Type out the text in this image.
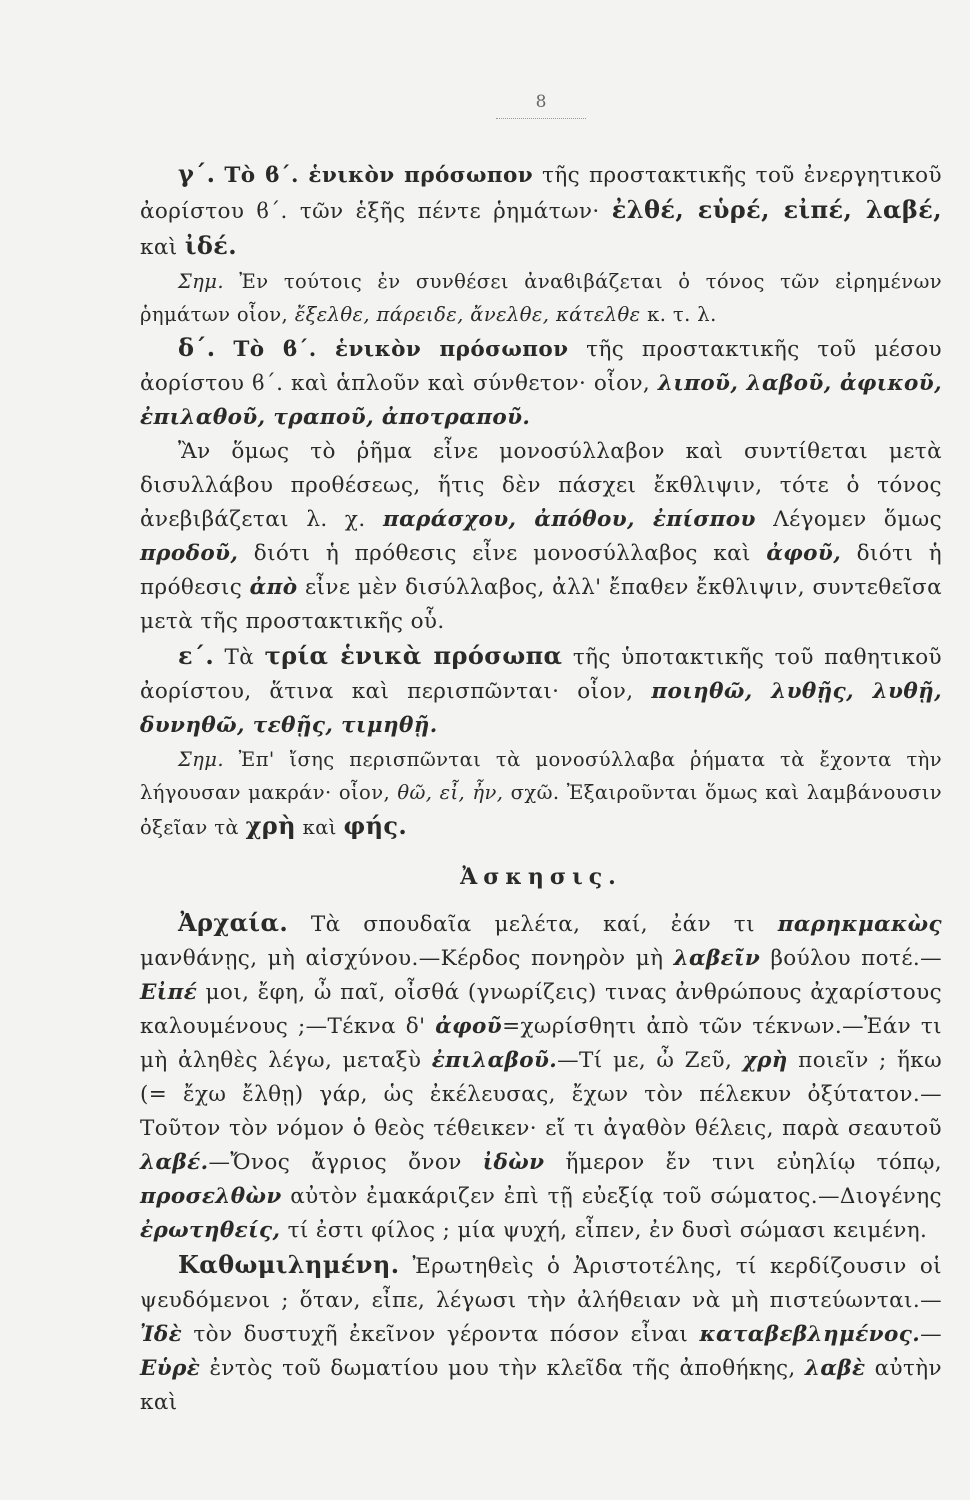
8

γ΄. Τὸ ϐ΄. ἑνικὸν πρόσωπον τῆς προστακτικῆς τοῦ ἐνεργητικοῦ ἀορίστου ϐ΄. τῶν ἑξῆς πέντε ῥημάτων· ἐλθέ, εὑρέ, εἰπέ, λαβέ, καὶ ἰδέ.

Σημ. Ἐν τούτοις ἐν συνθέσει ἀναϐιβάζεται ὁ τόνος τῶν εἰρημένων ῥημάτων οἷον, ἔξελθε, πάρειδε, ἄνελθε, κάτελθε κ. τ. λ.

δ΄. Τὸ ϐ΄. ἑνικὸν πρόσωπον τῆς προστακτικῆς τοῦ μέσου ἀορίστου ϐ΄. καὶ ἁπλοῦν καὶ σύνθετον· οἷον, λιποῦ, λαβοῦ, ἀφικοῦ, ἐπιλαθοῦ, τραποῦ, ἀποτραποῦ.

Ἂν ὅμως τὸ ῥῆμα εἶνε μονοσύλλαβον καὶ συντίθεται μετὰ δισυλλάβου προθέσεως, ἥτις δὲν πάσχει ἔκθλιψιν, τότε ὁ τόνος ἀνεβιβάζεται λ. χ. παράσχου, ἀπόθου, ἐπίσπου Λέγομεν ὅμως προδοῦ, διότι ἡ πρόθεσις εἶνε μονοσύλλαβος καὶ ἀφοῦ, διότι ἡ πρόθεσις ἀπὸ εἶνε μὲν δισύλλαβος, ἀλλ' ἔπαθεν ἔκθλιψιν, συντεθεῖσα μετὰ τῆς προστακτικῆς οὗ.

ε΄. Τὰ τρία ἑνικὰ πρόσωπα τῆς ὑποτακτικῆς τοῦ παθητικοῦ ἀορίστου, ἅτινα καὶ περισπῶνται· οἷον, ποιηθῶ, λυθῇς, λυθῇ, δυνηθῶ, τεθῇς, τιμηθῇ.

Σημ. Ἐπ' ἴσης περισπῶνται τὰ μονοσύλλαβα ῥήματα τὰ ἔχοντα τὴν λήγουσαν μακράν· οἷον, θῶ, εἶ, ἦν, σχῶ. Ἐξαιροῦνται ὅμως καὶ λαμβάνουσιν ὀξεῖαν τὰ χρὴ καὶ φής.

Ἀσκησις.

Ἀρχαία. Τὰ σπουδαῖα μελέτα, καί, ἐάν τι παρηκμακὼς μανθάνῃς, μὴ αἰσχύνου.—Κέρδος πονηρὸν μὴ λαβεῖν βούλου ποτέ.—Εἰπέ μοι, ἔφη, ὦ παῖ, οἶσθά (γνωρίζεις) τινας ἀνθρώπους ἀχαρίστους καλουμένους ;—Τέκνα δ' ἀφοῦ=χωρίσθητι ἀπὸ τῶν τέκνων.—Ἐάν τι μὴ ἀληθὲς λέγω, μεταξὺ ἐπιλαβοῦ.—Τί με, ὦ Ζεῦ, χρὴ ποιεῖν ; ἥκω (= ἔχω ἔλθῃ) γάρ, ὡς ἐκέλευσας, ἔχων τὸν πέλεκυν ὀξύτατον.—Τοῦτον τὸν νόμον ὁ θεὸς τέθεικεν· εἴ τι ἀγαθὸν θέλεις, παρὰ σεαυτοῦ λαβέ.—Ὄνος ἄγριος ὄνον ἰδὼν ἥμερον ἔν τινι εὐηλίῳ τόπῳ, προσελθὼν αὐτὸν ἐμακάριζεν ἐπὶ τῇ εὐεξίᾳ τοῦ σώματος.—Διογένης ἐρωτηθείς, τί ἐστι φίλος ; μία ψυχή, εἶπεν, ἐν δυσὶ σώμασι κειμένη.

Καθωμιλημένη. Ἐρωτηθεὶς ὁ Ἀριστοτέλης, τί κερδίζουσιν οἱ ψευδόμενοι ; ὅταν, εἶπε, λέγωσι τὴν ἀλήθειαν νὰ μὴ πιστεύωνται.—Ἰδὲ τὸν δυστυχῆ ἐκεῖνον γέροντα πόσον εἶναι καταβεβλημένος.—Εὑρὲ ἐντὸς τοῦ δωματίου μου τὴν κλεῖδα τῆς ἀποθήκης, λαβὲ αὐτὴν καὶ
